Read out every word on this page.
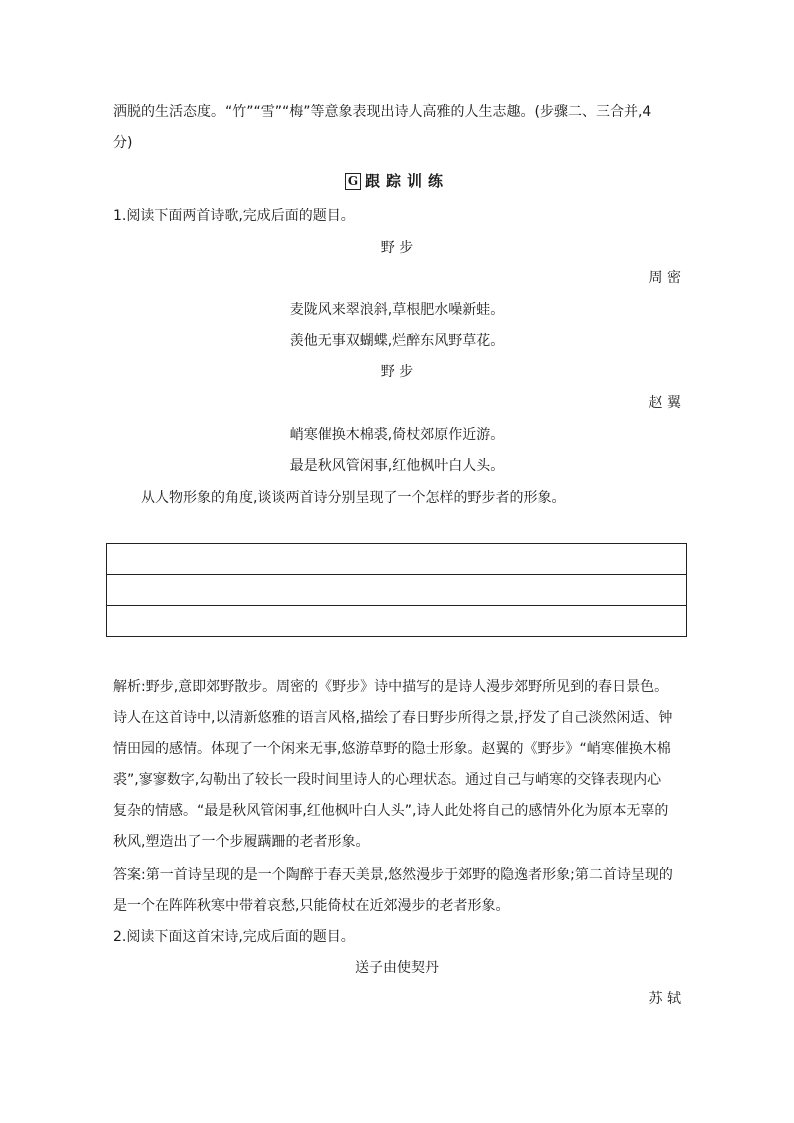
洒脱的生活态度。“竹”“雪”“梅”等意象表现出诗人高雅的人生志趣。(步骤二、三合并,4
分)
G 跟踪训练
1.阅读下面两首诗歌,完成后面的题目。
野 步
周 密
麦陇风来翠浪斜,草根肥水噪新蛙。
羡他无事双蝴蝶,烂醉东风野草花。
野 步
赵 翼
峭寒催换木棉裘,倚杖郊原作近游。
最是秋风管闲事,红他枫叶白人头。
从人物形象的角度,谈谈两首诗分别呈现了一个怎样的野步者的形象。

解析:野步,意即郊野散步。周密的《野步》诗中描写的是诗人漫步郊野所见到的春日景色。
诗人在这首诗中,以清新悠雅的语言风格,描绘了春日野步所得之景,抒发了自己淡然闲适、钟
情田园的感情。体现了一个闲来无事,悠游草野的隐士形象。赵翼的《野步》“峭寒催换木棉
裘”,寥寥数字,勾勒出了较长一段时间里诗人的心理状态。通过自己与峭寒的交锋表现内心
复杂的情感。“最是秋风管闲事,红他枫叶白人头”,诗人此处将自己的感情外化为原本无辜的
秋风,塑造出了一个步履蹒跚的老者形象。
答案:第一首诗呈现的是一个陶醉于春天美景,悠然漫步于郊野的隐逸者形象;第二首诗呈现的
是一个在阵阵秋寒中带着哀愁,只能倚杖在近郊漫步的老者形象。
2.阅读下面这首宋诗,完成后面的题目。
送子由使契丹
苏 轼
